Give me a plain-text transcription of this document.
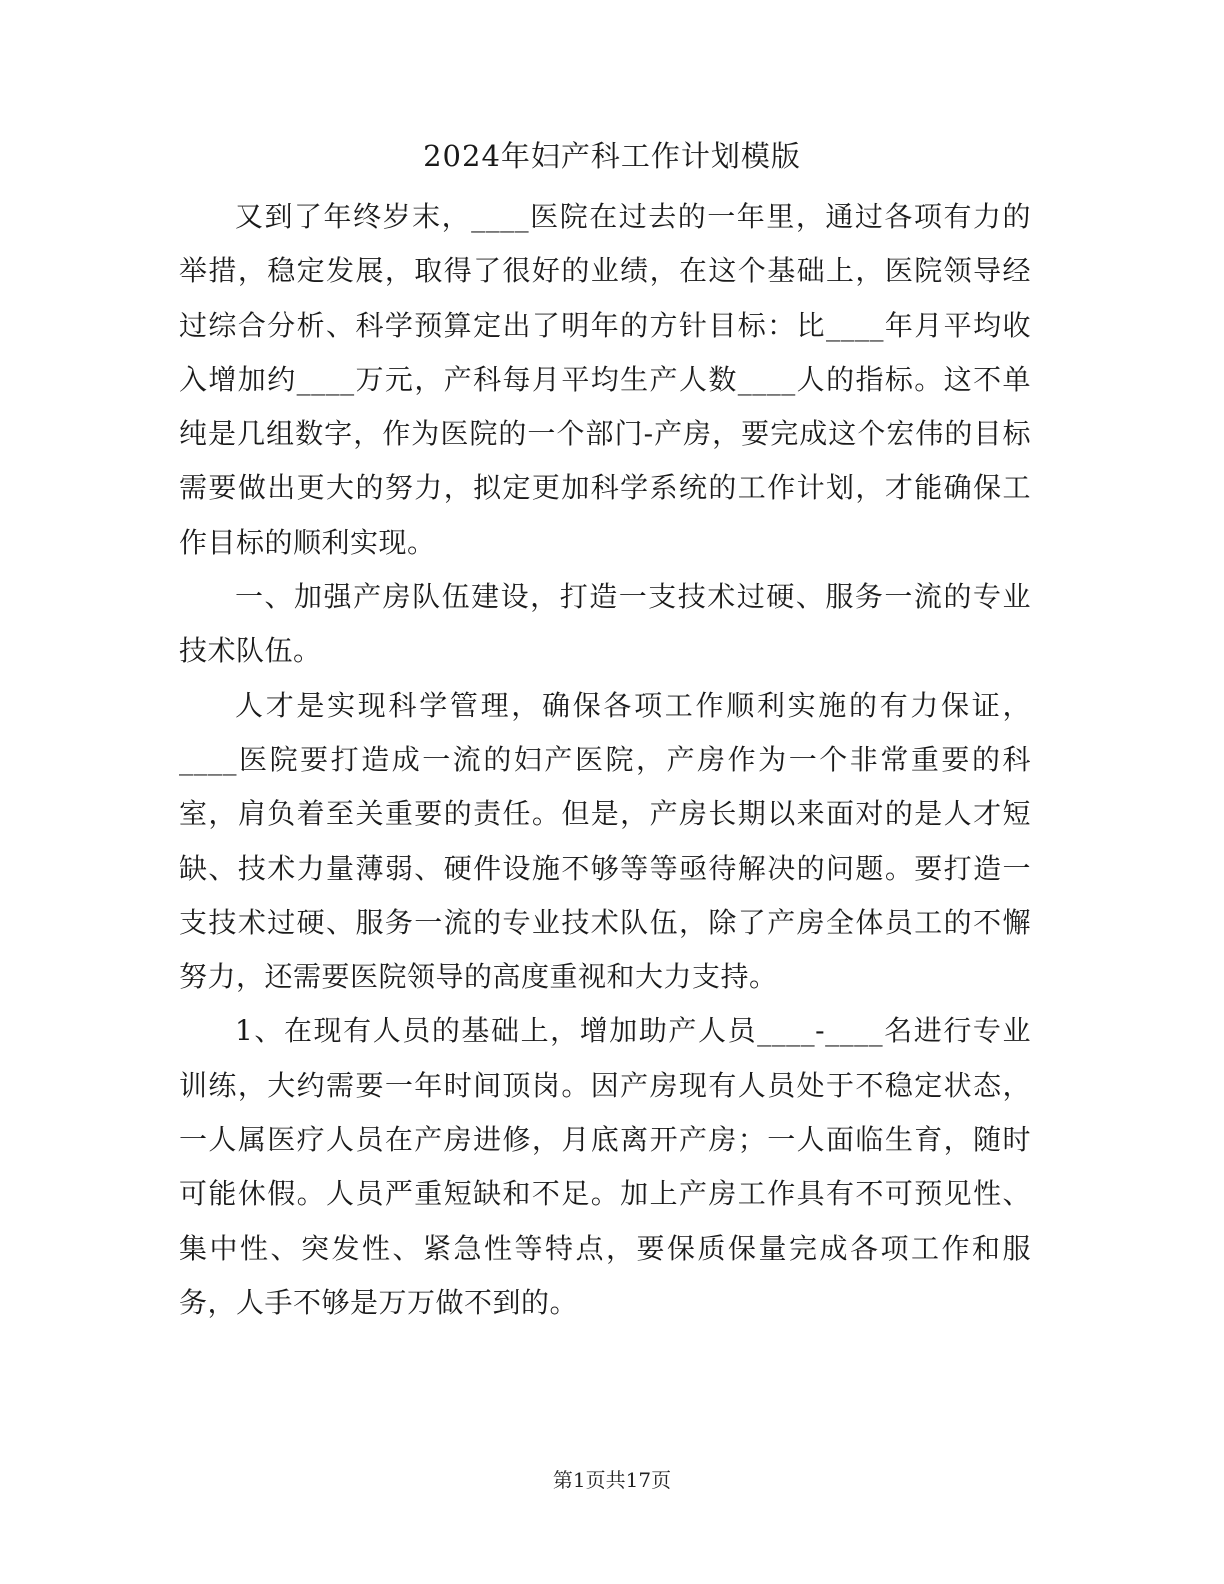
2024年妇产科工作计划模版

又到了年终岁末，____医院在过去的一年里，通过各项有力的举措，稳定发展，取得了很好的业绩，在这个基础上，医院领导经过综合分析、科学预算定出了明年的方针目标：比____年月平均收入增加约____万元，产科每月平均生产人数____人的指标。这不单纯是几组数字，作为医院的一个部门-产房，要完成这个宏伟的目标需要做出更大的努力，拟定更加科学系统的工作计划，才能确保工作目标的顺利实现。

一、加强产房队伍建设，打造一支技术过硬、服务一流的专业技术队伍。

人才是实现科学管理，确保各项工作顺利实施的有力保证，____医院要打造成一流的妇产医院，产房作为一个非常重要的科室，肩负着至关重要的责任。但是，产房长期以来面对的是人才短缺、技术力量薄弱、硬件设施不够等等亟待解决的问题。要打造一支技术过硬、服务一流的专业技术队伍，除了产房全体员工的不懈努力，还需要医院领导的高度重视和大力支持。

1、在现有人员的基础上，增加助产人员____-____名进行专业训练，大约需要一年时间顶岗。因产房现有人员处于不稳定状态，一人属医疗人员在产房进修，月底离开产房；一人面临生育，随时可能休假。人员严重短缺和不足。加上产房工作具有不可预见性、集中性、突发性、紧急性等特点，要保质保量完成各项工作和服务，人手不够是万万做不到的。

第1页共17页
